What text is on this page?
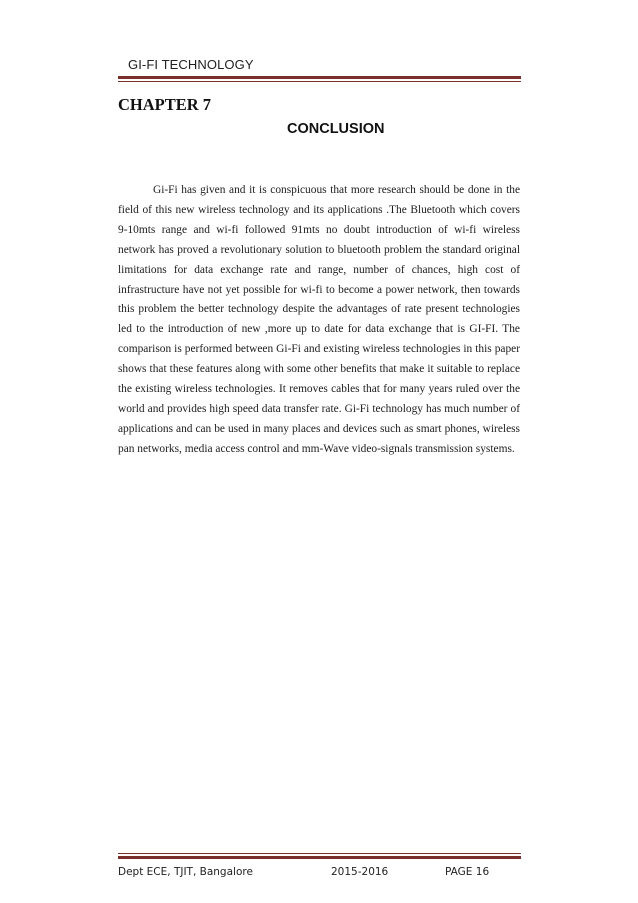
GI-FI TECHNOLOGY
CHAPTER 7
CONCLUSION

Gi-Fi has given and it is conspicuous that more research should be done in the field of this new wireless technology and its applications .The Bluetooth which covers 9-10mts range and wi-fi followed 91mts no doubt introduction of wi-fi wireless network has proved a revolutionary solution to bluetooth problem the standard original limitations for data exchange rate and range, number of chances, high cost of infrastructure have not yet possible for wi-fi to become a power network, then towards this problem the better technology despite the advantages of rate present technologies led to the introduction of new ,more up to date for data exchange that is GI-FI. The comparison is performed between Gi-Fi and existing wireless technologies in this paper shows that these features along with some other benefits that make it suitable to replace the existing wireless technologies. It removes cables that for many years ruled over the world and provides high speed data transfer rate. Gi-Fi technology has much number of applications and can be used in many places and devices such as smart phones, wireless pan networks, media access control and mm-Wave video-signals transmission systems.

Dept ECE, TJIT, Bangalore	2015-2016	PAGE 16
